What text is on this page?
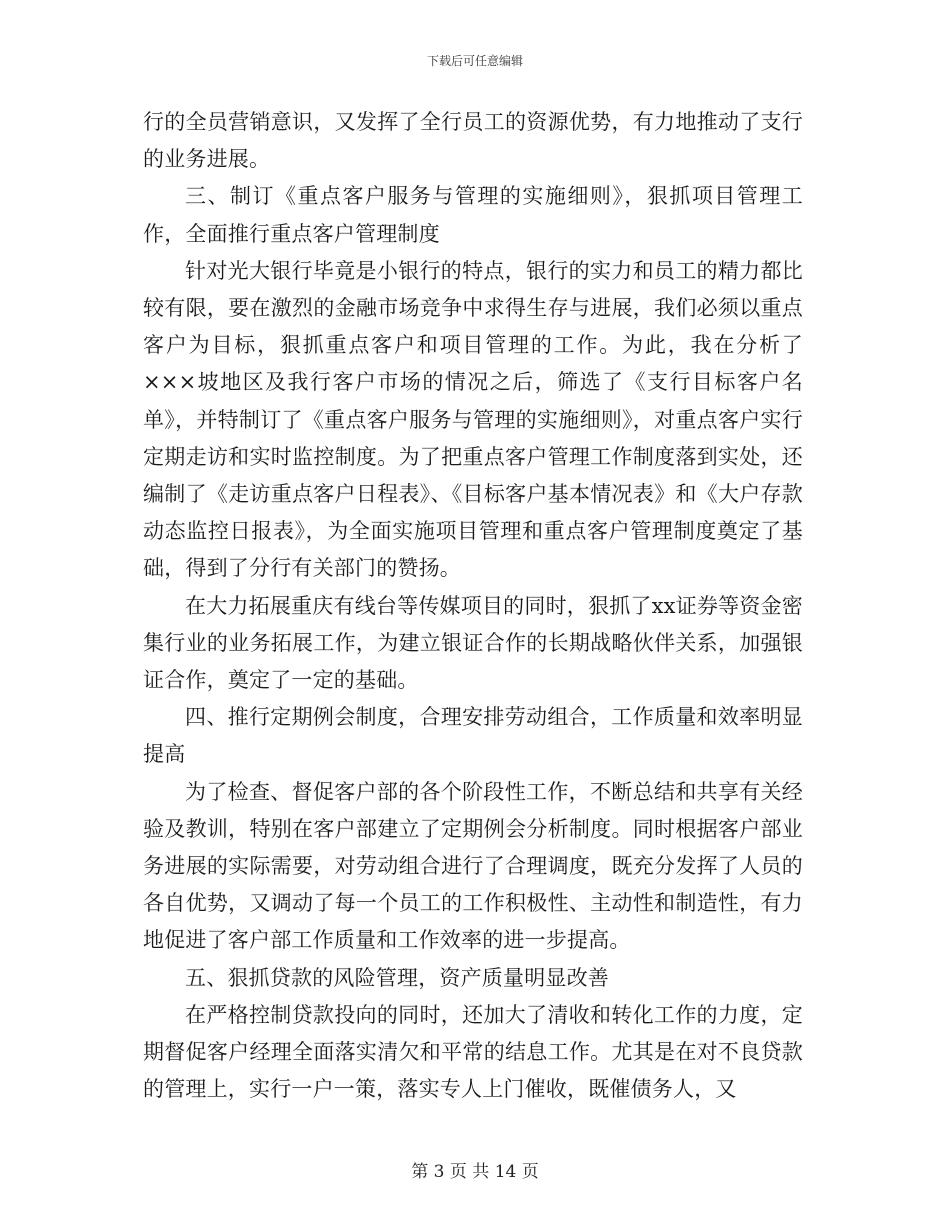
下载后可任意编辑

行的全员营销意识，又发挥了全行员工的资源优势，有力地推动了支行的业务进展。

三、制订《重点客户服务与管理的实施细则》，狠抓项目管理工作，全面推行重点客户管理制度

针对光大银行毕竟是小银行的特点，银行的实力和员工的精力都比较有限，要在激烈的金融市场竞争中求得生存与进展，我们必须以重点客户为目标，狠抓重点客户和项目管理的工作。为此，我在分析了×××坡地区及我行客户市场的情况之后，筛选了《支行目标客户名单》，并特制订了《重点客户服务与管理的实施细则》，对重点客户实行定期走访和实时监控制度。为了把重点客户管理工作制度落到实处，还编制了《走访重点客户日程表》、《目标客户基本情况表》和《大户存款动态监控日报表》，为全面实施项目管理和重点客户管理制度奠定了基础，得到了分行有关部门的赞扬。

在大力拓展重庆有线台等传媒项目的同时，狠抓了xx证券等资金密集行业的业务拓展工作，为建立银证合作的长期战略伙伴关系，加强银证合作，奠定了一定的基础。

四、推行定期例会制度，合理安排劳动组合，工作质量和效率明显提高

为了检查、督促客户部的各个阶段性工作，不断总结和共享有关经验及教训，特别在客户部建立了定期例会分析制度。同时根据客户部业务进展的实际需要，对劳动组合进行了合理调度，既充分发挥了人员的各自优势，又调动了每一个员工的工作积极性、主动性和制造性，有力地促进了客户部工作质量和工作效率的进一步提高。

五、狠抓贷款的风险管理，资产质量明显改善

在严格控制贷款投向的同时，还加大了清收和转化工作的力度，定期督促客户经理全面落实清欠和平常的结息工作。尤其是在对不良贷款的管理上，实行一户一策，落实专人上门催收，既催债务人，又

第 3 页 共 14 页
